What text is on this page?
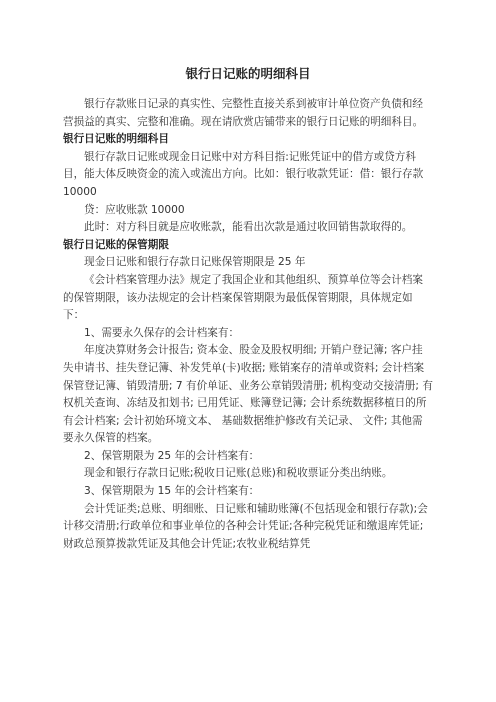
银行日记账的明细科目

银行存款账日记录的真实性、完整性直接关系到被审计单位资产负债和经营损益的真实、完整和准确。现在请欣赏店铺带来的银行日记账的明细科目。

银行日记账的明细科目

银行存款日记账或现金日记账中对方科目指:记账凭证中的借方或贷方科目，能大体反映资金的流入或流出方向。比如：银行收款凭证：借：银行存款 10000

贷：应收账款 10000

此时：对方科目就是应收账款，能看出次款是通过收回销售款取得的。

银行日记账的保管期限

现金日记账和银行存款日记账保管期限是 25 年

《会计档案管理办法》规定了我国企业和其他组织、预算单位等会计档案的保管期限，该办法规定的会计档案保管期限为最低保管期限，具体规定如下：

1、需要永久保存的会计档案有：

年度决算财务会计报告; 资本金、股金及股权明细; 开销户登记簿; 客户挂失申请书、挂失登记簿、补发凭单(卡)收据; 账销案存的清单或资料; 会计档案保管登记簿、销毁清册; 7 有价单证、业务公章销毁清册; 机构变动交接清册; 有权机关查询、冻结及扣划书; 已用凭证、账簿登记簿; 会计系统数据移植日的所有会计档案; 会计初始环境文本、 基础数据维护修改有关记录、 文件; 其他需要永久保管的档案。

2、保管期限为 25 年的会计档案有：

现金和银行存款日记账;税收日记账(总账)和税收票证分类出纳账。

3、保管期限为 15 年的会计档案有：

会计凭证类;总账、明细账、日记账和辅助账簿(不包括现金和银行存款);会计移交清册;行政单位和事业单位的各种会计凭证;各种完税凭证和缴退库凭证;财政总预算拨款凭证及其他会计凭证;农牧业税结算凭
